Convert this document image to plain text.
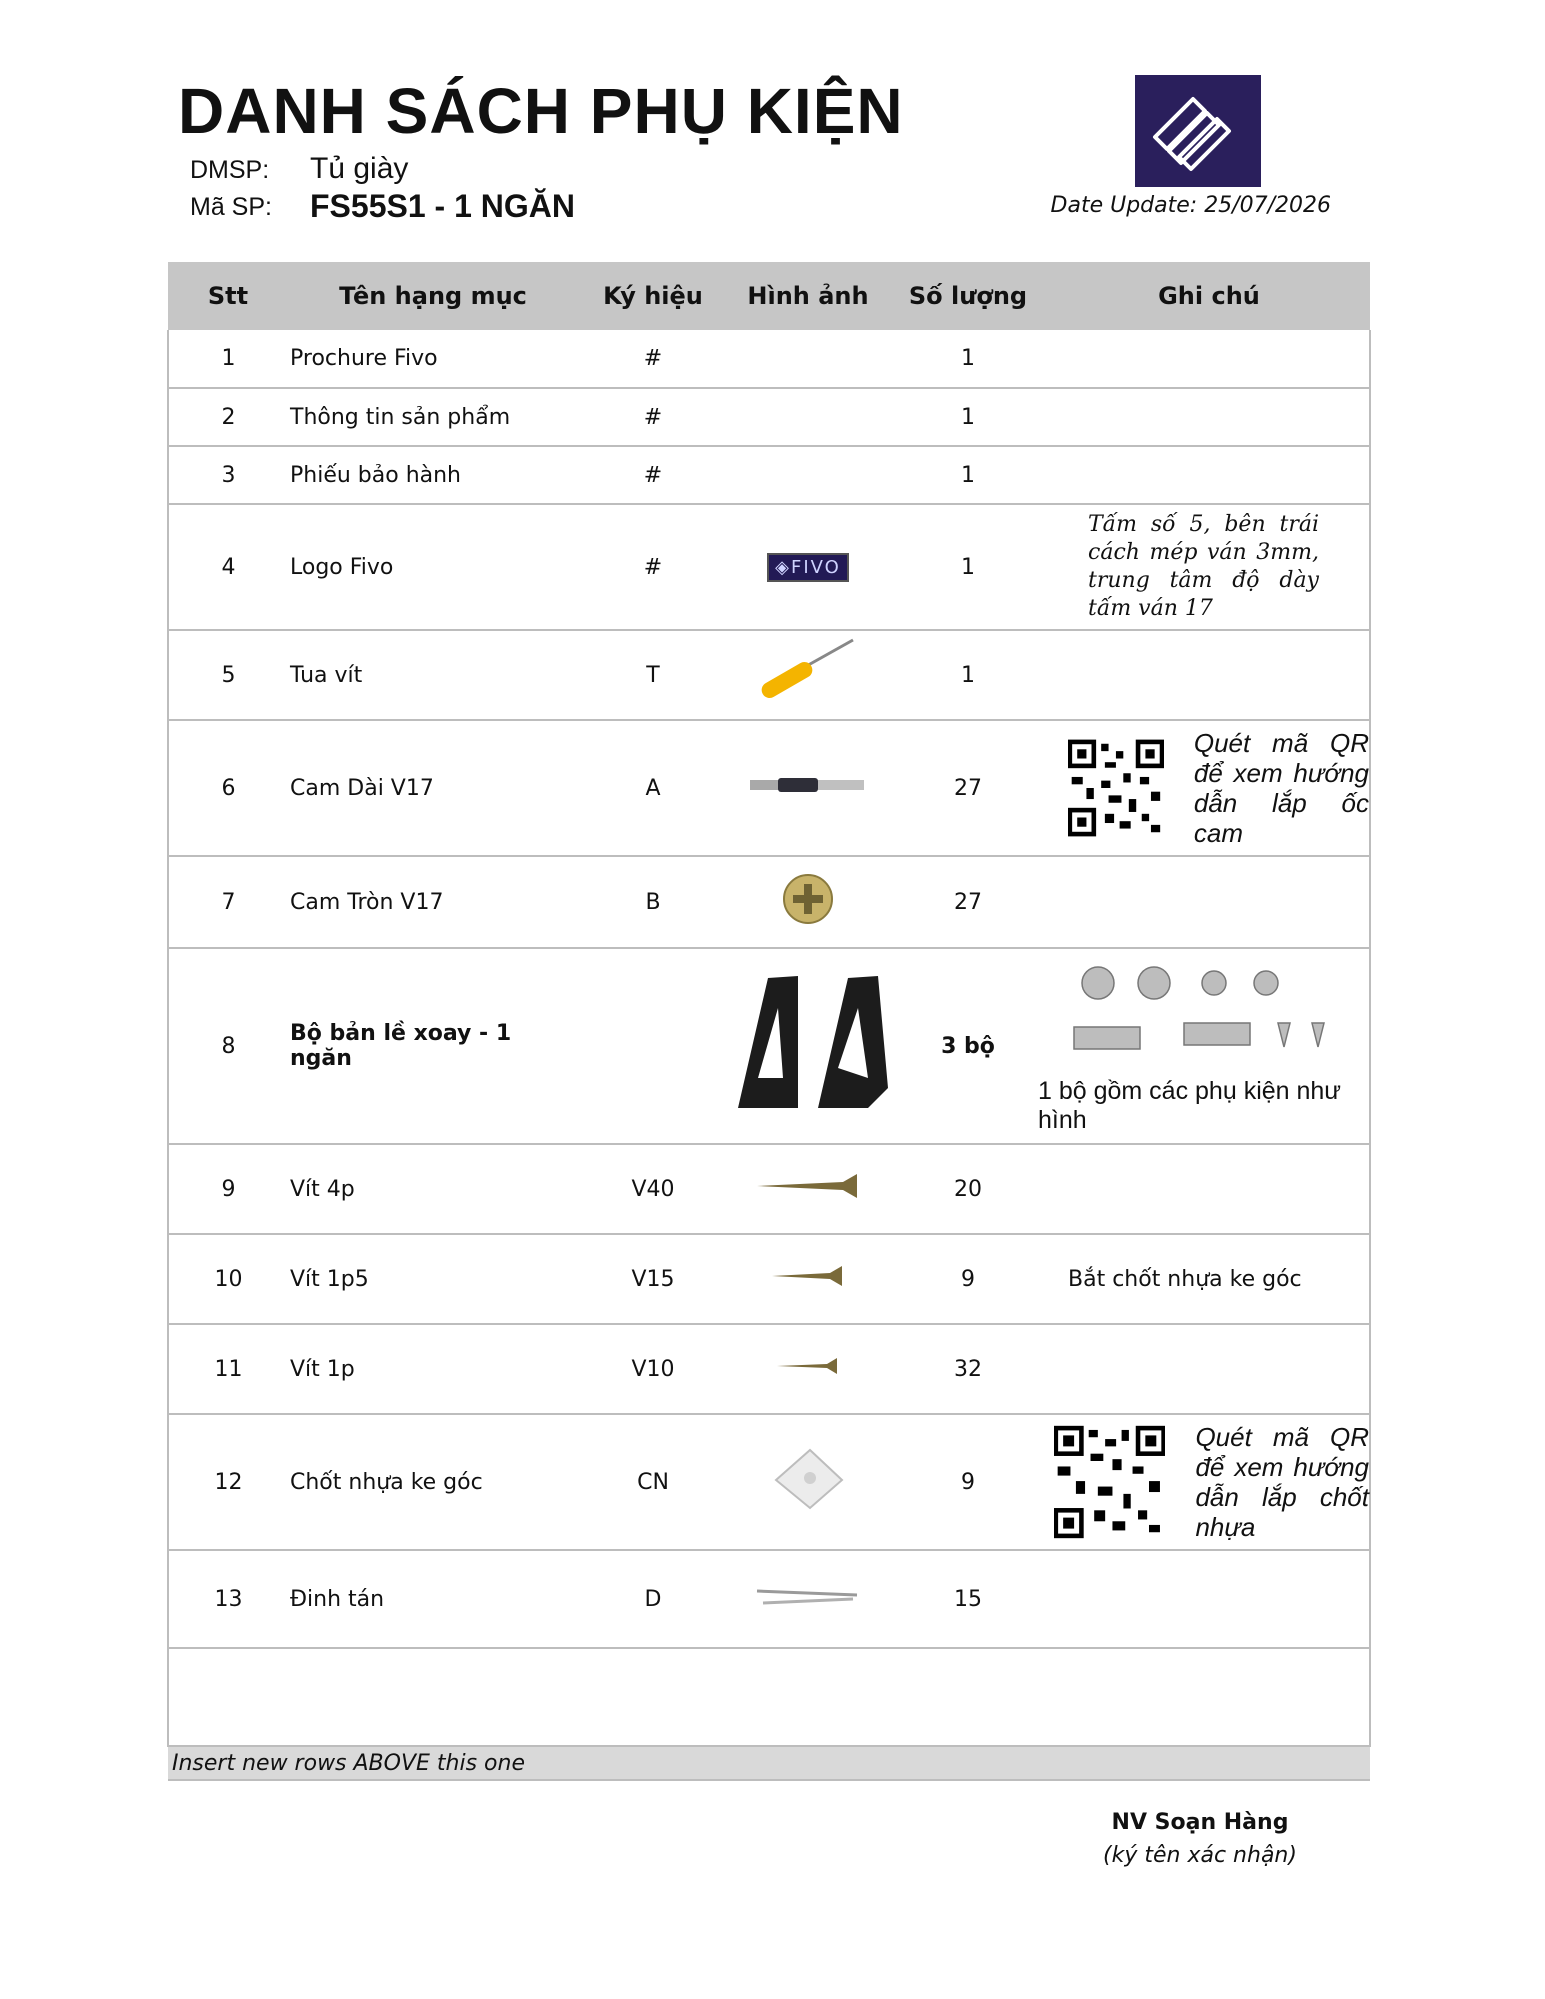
DANH SÁCH PHỤ KIỆN
DMSP: Tủ giày
Mã SP: FS55S1 - 1 NGĂN	Date Update: 25/07/2026
Stt	Tên hạng mục	Ký hiệu	Hình ảnh	Số lượng	Ghi chú
1	Prochure Fivo	#		1	
2	Thông tin sản phẩm	#		1	
3	Phiếu bảo hành	#		1	
4	Logo Fivo	#	◈FIVO	1	Tấm số 5, bên trái cách mép ván 3mm, trung tâm độ dày tấm ván 17
5	Tua vít	T		1	
6	Cam Dài V17	A		27	Quét mã QR để xem hướng dẫn lắp ốc cam

7	Cam Tròn V17	B		27	
8	Bộ bản lề xoay - 1 ngăn			3 bộ	1 bộ gồm các phụ kiện như hình

9	Vít 4p	V40		20	
10	Vít 1p5	V15		9	Bắt chốt nhựa ke góc
11	Vít 1p	V10		32	
12	Chốt nhựa ke góc	CN		9	Quét mã QR để xem hướng dẫn lắp chốt nhựa

13	Đinh tán	D		15	

Insert new rows ABOVE this one					
NV Soạn Hàng
(ký tên xác nhận)
